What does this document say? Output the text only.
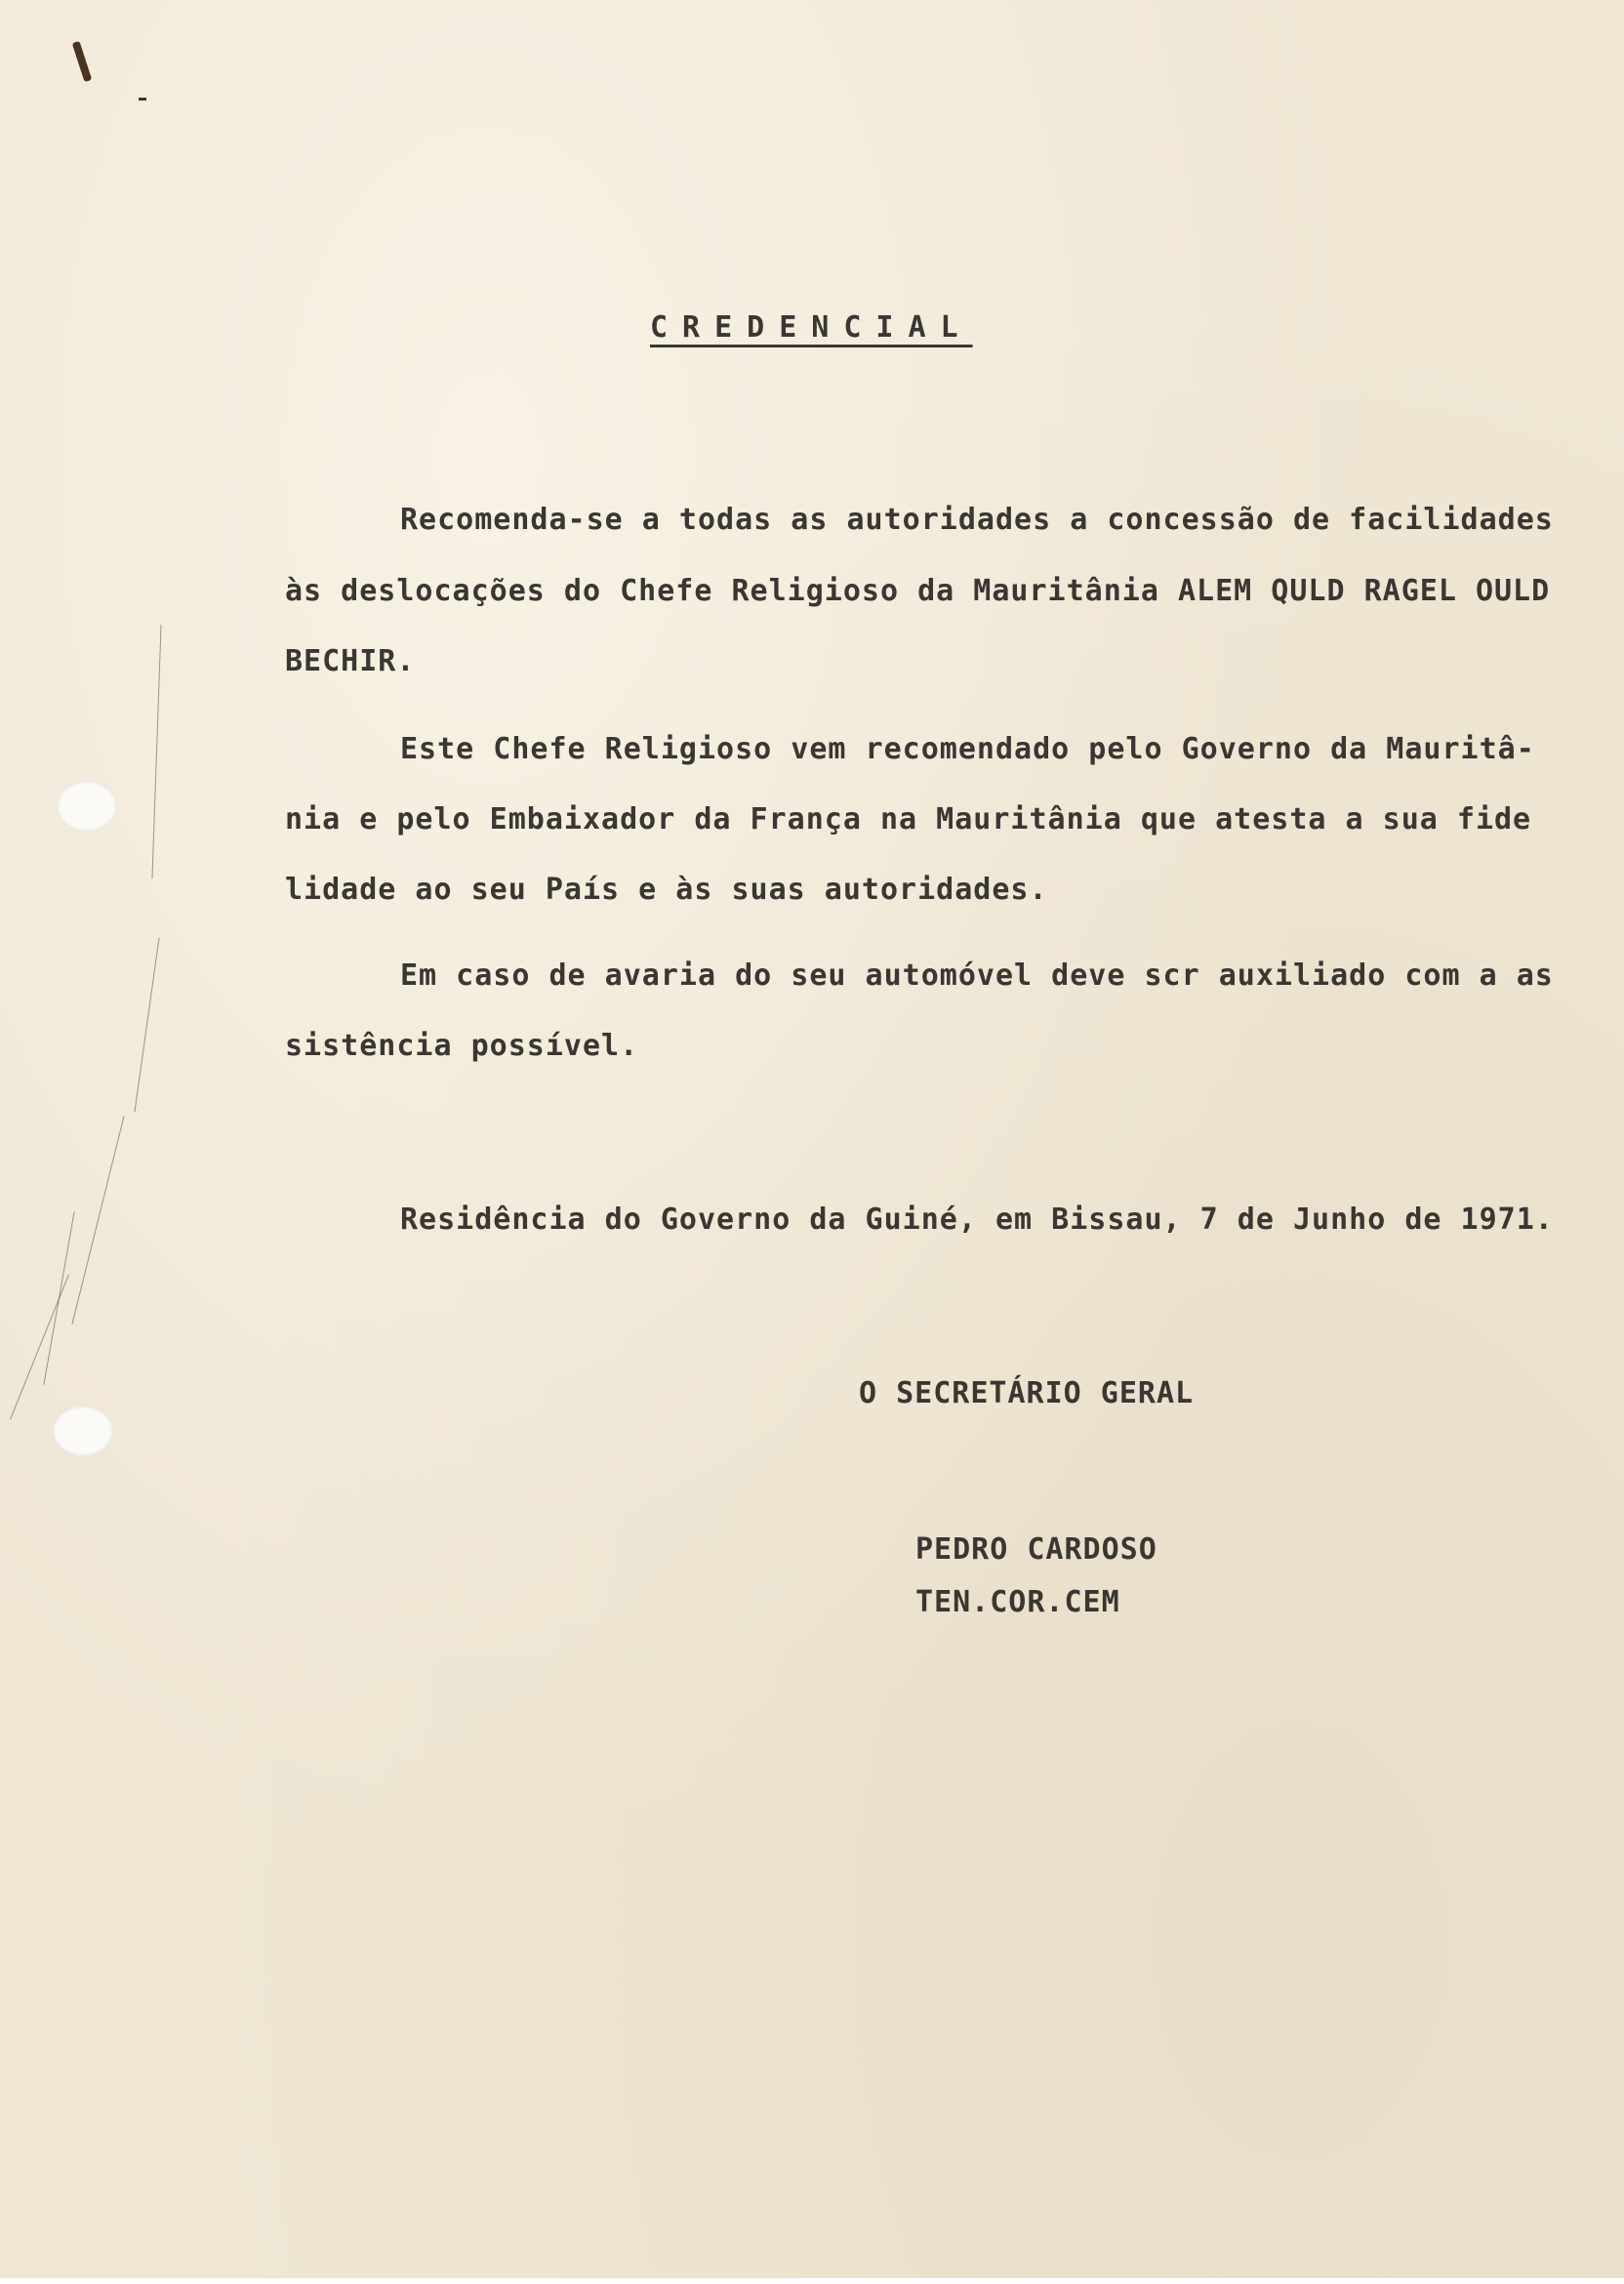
CREDENCIAL
Recomenda-se a todas as autoridades a concessão de facilidades
às deslocações do Chefe Religioso da Mauritânia ALEM QULD RAGEL OULD
BECHIR.
Este Chefe Religioso vem recomendado pelo Governo da Mauritâ-
nia e pelo Embaixador da França na Mauritânia que atesta a sua fide
lidade ao seu País e às suas autoridades.
Em caso de avaria do seu automóvel deve scr auxiliado com a as
sistência possível.
Residência do Governo da Guiné, em Bissau, 7 de Junho de 1971.
O SECRETÁRIO GERAL
PEDRO CARDOSO
TEN.COR.CEM
